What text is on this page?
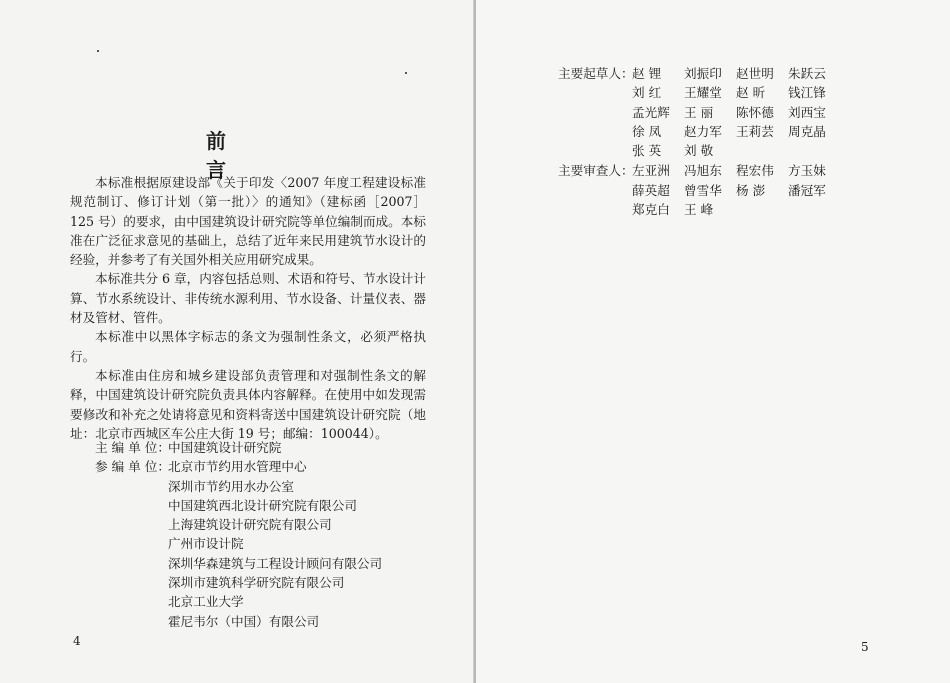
前 言

本标准根据原建设部《关于印发〈2007 年度工程建设标准规范制订、修订计划（第一批）〉的通知》（建标函［2007］125 号）的要求，由中国建筑设计研究院等单位编制而成。本标准在广泛征求意见的基础上，总结了近年来民用建筑节水设计的经验，并参考了有关国外相关应用研究成果。

本标准共分 6 章，内容包括总则、术语和符号、节水设计计算、节水系统设计、非传统水源利用、节水设备、计量仪表、器材及管材、管件。

本标准中以黑体字标志的条文为强制性条文，必须严格执行。

本标准由住房和城乡建设部负责管理和对强制性条文的解释，中国建筑设计研究院负责具体内容解释。在使用中如发现需要修改和补充之处请将意见和资料寄送中国建筑设计研究院（地址：北京市西城区车公庄大街 19 号；邮编：100044）。

主 编 单 位：
中国建筑设计研究院
参 编 单 位：
北京市节约用水管理中心
深圳市节约用水办公室
中国建筑西北设计研究院有限公司
上海建筑设计研究院有限公司
广州市设计院
深圳华森建筑与工程设计顾问有限公司
深圳市建筑科学研究院有限公司
北京工业大学
霍尼韦尔（中国）有限公司
4	5
主要起草人：
赵 锂	刘振印	赵世明	朱跃云
刘 红	王耀堂	赵 昕	钱江锋
孟光辉	王 丽	陈怀德	刘西宝
徐 凤	赵力军	王莉芸	周克晶
张 英	刘 敬
主要审查人：
左亚洲	冯旭东	程宏伟	方玉妹
薛英超	曾雪华	杨 澎	潘冠军
郑克白	王 峰
